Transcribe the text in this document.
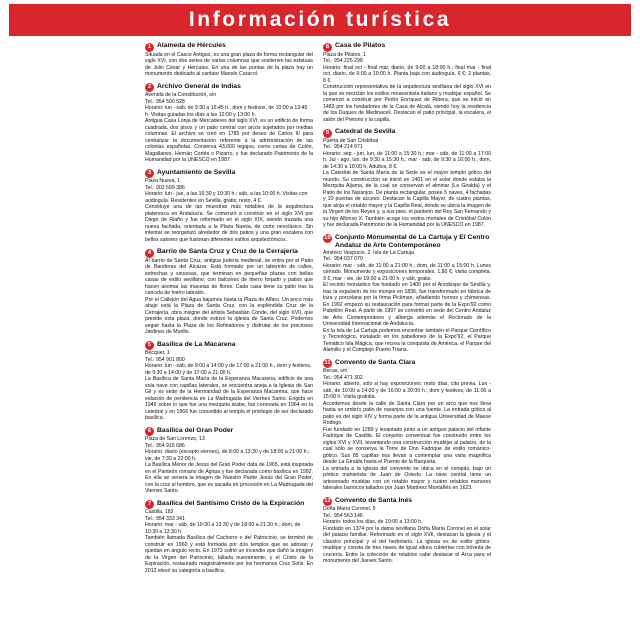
Información turística
1 Alameda de Hércules

Situada en el Casco Antiguo, es una gran plaza de forma rectangular del siglo XVI, con dos series de varias columnas que sostienen las estatuas de Julio César y Hércules. En una de las puntas de la plaza hay un monumento dedicado al cantaor Manolo Caracol.

2 Archivo General de Indias

Avenida de la Constitución, s/n

Tel.: 954 500 528

Horario: lun - sáb, de 9:30 a 16:45 h., dom y festivos, de 10:00 a 13:45 h. Visitas guiadas los días a las 12:00 y 13:00 h.

Antigua Casa Lonja de Mercaderes del siglo XVI, es un edificio de forma cuadrada, dos pisos y un patio central con arcos sujetados por medias columnas. El archivo se creó en 1785 por deseo de Carlos III para centralizar la documentación referente a la administración de las colonias españolas. Conserva 43.000 legajos, como cartas de Colón, Magallanes, Hernán Cortés o Pizarro, y fue declarado Patrimonio de la Humanidad por la UNESCO en 1987.

3 Ayuntamiento de Sevilla

Plaza Nueva, 1

Tel.: 902 599 386

Horario: lun - jue, a las 16:30 y 19:30 h.; sáb, a las 10:00 h. Visitas con audioguía. Residentes en Sevilla, gratis; resto, 4 €.

Constituye una de las muestras más notables de la arquitectura plateresca en Andalucía. Se comenzó a construir en el siglo XVI por Diego de Riaño y fue reformado en el siglo XIX, siendo trazada una nueva fachada, orientada a la Plaza Nueva, de corte neoclásico. Sin intentar se reorganizó alrededor de dos patios y una gran escalera con bellos salones que fusionan diferentes estilos arquitectónicos.

4 Barrio de Santa Cruz y Cruz de la Cerrajería

Al barrio de Santa Cruz, antigua judería medieval, se entra por el Patio de Banderas del Alcázar. Está formado por un laberinto de calles, estrechas y sinuosas, que terminan en pequeñas plazas con bellas casas de estilo sevillano, con balcones de hierro forjado y patios que hacen asomar las macetas de flores. Cada casa tiene su patio tras la cancela de hierro labrado.

Por el Callejón del Agua bajamos hasta la Plaza de Alfaro. Un poco más abajo está la Plaza de Santa Cruz, con la espléndida Cruz de la Cerrajería, obra insigne del artista Sebastián Conde, del siglo XVII, que preside esta plaza, donde estuvo la iglesia de Santa Cruz. Podemos seguir hasta la Plaza de los Refinadores y disfrutar de los preciosos Jardines de Murillo.

5 Basílica de La Macarena

Bécquer, 1

Tel.: 954 901 800

Horario: lun - sáb, de 9:00 a 14:00 y de 17:00 a 21:00 h., dom y festivos, de 9:30 a 14:00 y de 17:00 a 21:00 h.

La Basílica de Santa María de la Esperanza Macarena, edificio de una sola nave con capillas laterales, se encuentra aneja a la Iglesia de San Gil y es sede de la Hermandad de la Esperanza Macarena, que hace estación de penitencia en La Madrugada del Viernes Santo. Erigida en 1949 sobre lo que fue una mezquita árabe, fue coronada en 1964 en la catedral y en 1966 fue concedido al templo el privilegio de ser declarado basílica.

6 Basílica del Gran Poder

Plaza de San Lorenzo, 13

Tel.: 954 915 686

Horario: diario (excepto viernes), de 8:00 a 13:30 y de 18:00 a 21:00 h.; vie, de 7:30 a 22:00 h.

La Basílica Menor de Jesús del Gran Poder data de 1965, está inspirada en el Panteón romano de Agripa y fue declarada como basílica en 1992. En ella se venera la imagen de Nuestro Padre Jesús del Gran Poder, con la cruz al hombro, que es sacada en procesión en La Madrugada del Viernes Santo.

7 Basílica del Santísimo Cristo de la Expiración

Castilla, 182

Tel.: 954 333 341

Horario: mar - sáb, de 10:30 a 13:30 y de 18:00 a 21:30 h.; dom, de 10:30 a 13:30 h.

También llamada Basílica del Cachorro o del Patrocinio, se terminó de construir en 1960 y está formada por dos templos que se adosan y quedan en ángulo recto. En 1973 sufrió un incendio que dañó la imagen de la Virgen del Patrocinio, tallada nuevamente, y el Cristo de la Expiración, restaurado magistralmente por los hermanos Cruz Solís. En 2012 elevó su categoría a basílica.

8 Casa de Pilatos

Plaza de Pilatos, 1

Tel.: 954 225 298

Horario: final oct - final mar, diario, de 9:00 a 18:00 h.; final mar - final oct, diario, de 9:00 a 19:00 h. Planta baja con audioguía, 6 €; 2 plantas, 8 €.

Construcción representativa de la arquitectura sevillana del siglo XVI en la que se mezclan los estilos renacentista italiano y mudéjar español. Se comenzó a construir por Pedro Enríquez de Ribera, que se inició en 1483 por los fundadores de la Casa de Alcalá, siendo hoy la residencia de los Duques de Medinaceli. Destacan el patio principal, la escalera, el salón del Pretorio y la capilla.

9 Catedral de Sevilla

Puerta de San Cristóbal

Tel.: 954 214 971

Horario: sep - jun, lun, de 11:00 a 15:30 h.; mar - sáb, de 11:00 a 17:00 h. Jul - ago, lun, de 9:30 a 15:30 h.; mar - sáb, de 9:30 a 16:00 h.; dom, de 14:30 a 18:00 h. Adultos, 8 €.

La Catedral de Santa María de la Sede es el mayor templo gótico del mundo. Su construcción se inició en 1401 en el solar donde estaba la Mezquita Aljama, de la cual se conservan el alminar (La Giralda) y el Patio de los Naranjos. De planta rectangular, posee 5 naves, 4 fachadas y 10 puertas de acceso. Destacan la Capilla Mayor, de cuatro plantas, que aloja el retablo mayor y la Capilla Real, donde se ubica la imagen de la Virgen de los Reyes y, a sus pies, el panteón del Rey San Fernando y su hijo Alfonso X. También acoge los restos mortales de Cristóbal Colón y fue declarada Patrimonio de la Humanidad por la UNESCO en 1987.

10 Conjunto Monumental de La Cartuja y El Centro Andaluz de Arte Contemporáneo

Américo Vespucio, 2. Isla de La Cartuja

Tel.: 954 037 070

Horario: mar - sáb, de 11:00 a 21:00 h.; dom, de 11:00 a 15:00 h. Lunes cerrado. Monumento y exposiciones temporales, 1,80 €; visita completa, 3 €; mar - vie, de 19:00 a 21:00 h. y sáb, gratis.

El recinto monástico fue fundado en 1400 por el Arzobispo de Sevilla y, tras la expulsión de los monjes en 1836, fue transformado en fábrica de loza y porcelana por la firma Pickman, añadiendo hornos y chimeneas. En 1992 empezó su restauración para formar parte de la Expo'92 como Pabellón Real. A partir de 1997 se convirtió en sede del Centro Andaluz de Arte Contemporáneo y alberga además el Rectorado de la Universidad Internacional de Andalucía.

En la Isla de La Cartuja podemos encontrar también el Parque Científico y Tecnológico, instalado en los pabellones de la Expo'92, el Parque Temático Isla Mágica, que recrea la conquista de América, el Parque del Alamillo y el Complejo Puerto Triana.

11 Convento de Santa Clara

Becas, s/n

Tel.: 954 471 302

Horario: abierto, sólo si hay exposiciones; resto días, cita previa. Lun - sáb, de 10:00 a 14:00 y de 16:00 a 20:00 h.; dom y festivos, de 11:00 a 15:00 h. Visita gratuita.

Accedemos desde la calle de Santa Clara por un arco que nos lleva hasta un umbrío patio de naranjos con una fuente. La entrada gótica al patio es del siglo XIV y forma parte de la antigua Universidad de Maese Rodrigo.

Fue fundado en 1289 y levantado junto a un antiguo palacio del infante Fadrique de Castilla. El conjunto conventual fue construido entre los siglos XVI y XVII, levantando una construcción mudéjar al palacio, de la cual sólo se conserva la Torre de Don Fadrique de estilo románico-gótico. Sus 85 capillas nos llevan a contemplar una vista magnífica desde La Giralda hasta el Puente de la Barqueta.

La entrada a la iglesia del convento se ubica en el compás, bajo un pórtico manierista de Juan de Oviedo. La nave central tiene un artesonado mudéjar con un retablo mayor y cuatro retablos menores laterales barrocos tallados por Juan Martínez Montañés en 1623.

12 Convento de Santa Inés

Doña María Coronel, 5

Tel.: 954 563 146

Horario: todos los días, de 10:00 a 13:00 h.

Fundado en 1374 por la dama sevillana Doña María Coronel en el solar del palacio familiar. Reformado en el siglo XVII, destacan la iglesia y el claustro principal y el del herbolario. La iglesia es de estilo gótico-mudéjar y consta de tres naves de igual altura cubiertas con bóveda de crucería. Entre la colección de retablos cabe destacar el Arca para el monumento del Jueves Santo.
